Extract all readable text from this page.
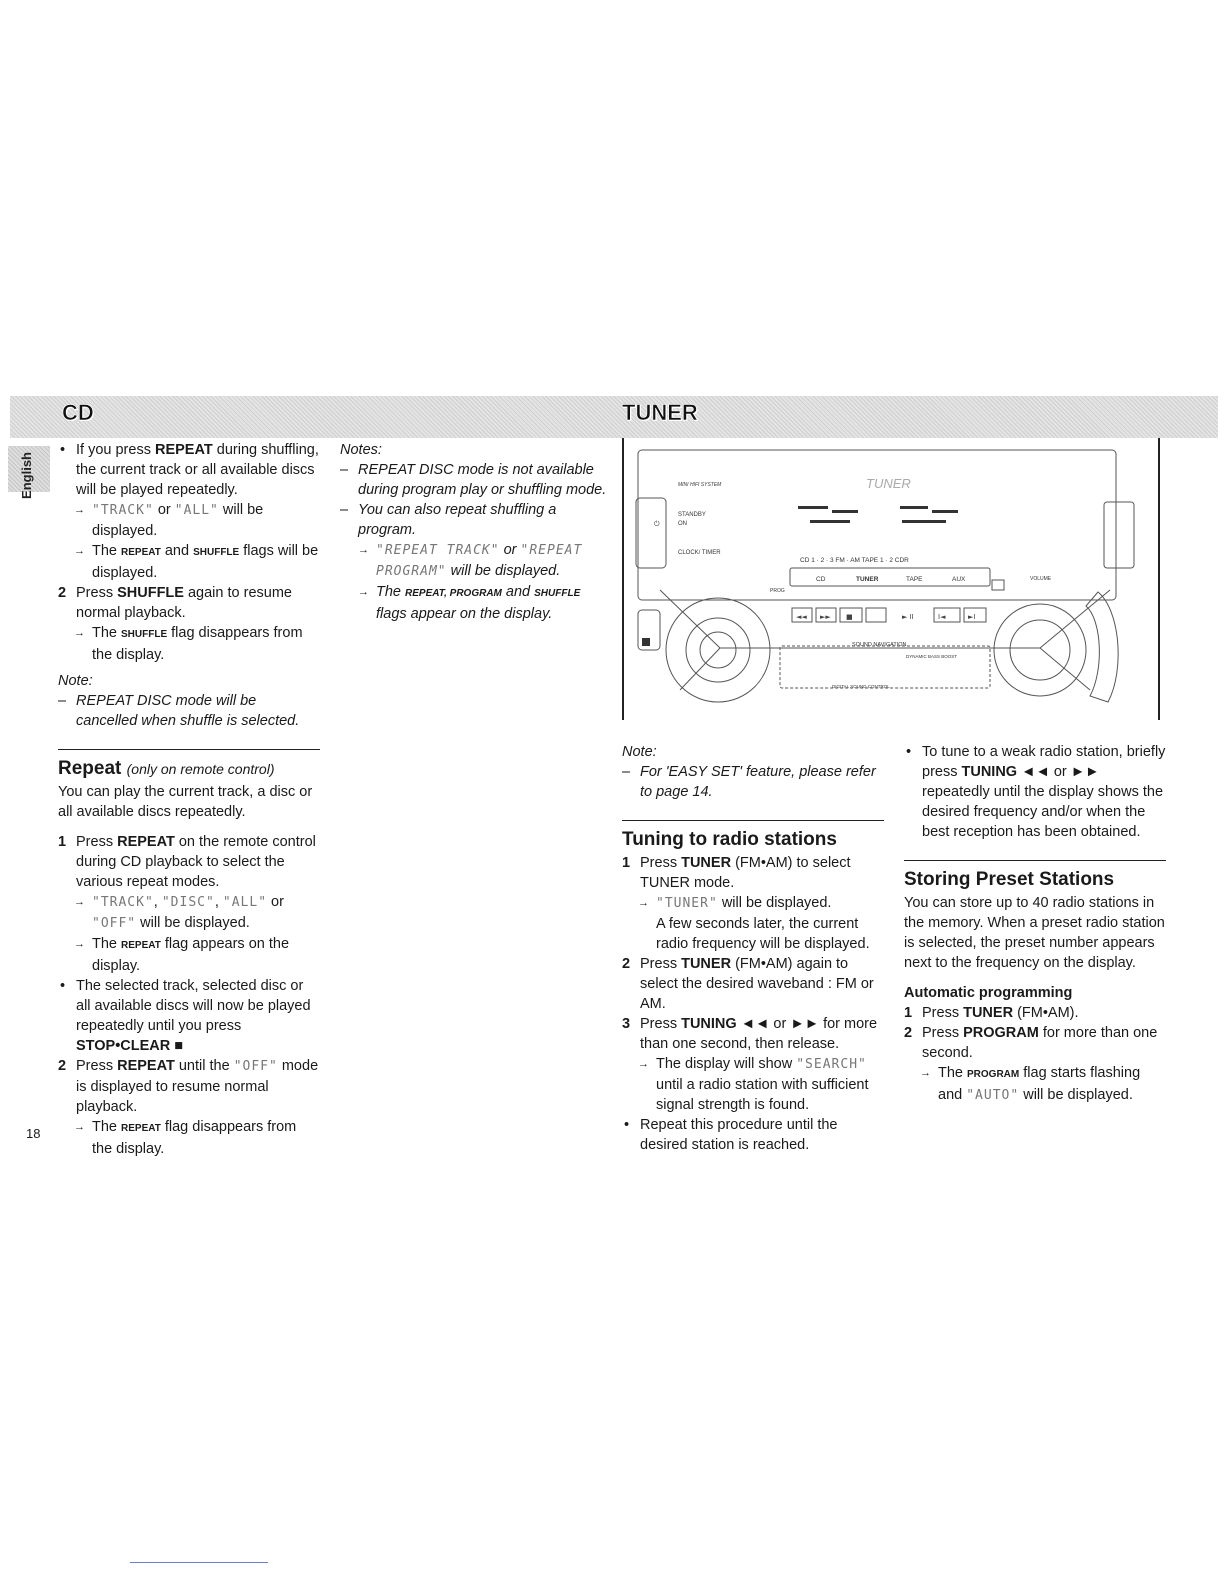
CD	TUNER
English

• If you press REPEAT during shuffling, the current track or all available discs will be played repeatedly.

→ "TRACK" or "ALL" will be displayed.

→ The REPEAT and SHUFFLE flags will be displayed.

2 Press SHUFFLE again to resume normal playback.

→ The SHUFFLE flag disappears from the display.

Note:

– REPEAT DISC mode will be cancelled when shuffle is selected.

Repeat (only on remote control)

You can play the current track, a disc or all available discs repeatedly.

1 Press REPEAT on the remote control during CD playback to select the various repeat modes.

→ "TRACK", "DISC", "ALL" or "OFF" will be displayed.

→ The REPEAT flag appears on the display.

• The selected track, selected disc or all available discs will now be played repeatedly until you press
STOP•CLEAR ■

2 Press REPEAT until the "OFF" mode is displayed to resume normal playback.

→ The REPEAT flag disappears from the display.

Notes:

– REPEAT DISC mode is not available during program play or shuffling mode.

– You can also repeat shuffling a program.

→ "REPEAT TRACK" or "REPEAT PROGRAM" will be displayed.

→ The REPEAT, PROGRAM and SHUFFLE flags appear on the display.

MINI HIFI SYSTEM	TUNER
STANDBY
ON
CLOCK/ TIMER
CD 1 · 2 · 3 FM · AM TAPE 1 · 2 CDR
CD	TUNER	TAPE	AUX
PROG
VOLUME
SOUND NAVIGATION
DYNAMIC BASS BOOST
DIGITAL SOUND CONTROL
⏻
◄◄ ►► ■	► II	I◄	►I

Note:

– For 'EASY SET' feature, please refer to page 14.

Tuning to radio stations

1 Press TUNER (FM•AM) to select TUNER mode.

→ "TUNER" will be displayed.

A few seconds later, the current radio frequency will be displayed.

2 Press TUNER (FM•AM) again to select the desired waveband : FM or AM.

3 Press TUNING ◄◄ or ►► for more than one second, then release.

→ The display will show "SEARCH" until a radio station with sufficient signal strength is found.

• Repeat this procedure until the desired station is reached.

• To tune to a weak radio station, briefly press TUNING ◄◄ or ►► repeatedly until the display shows the desired frequency and/or when the best reception has been obtained.

Storing Preset Stations

You can store up to 40 radio stations in the memory. When a preset radio station is selected, the preset number appears next to the frequency on the display.

Automatic programming

1 Press TUNER (FM•AM).

2 Press PROGRAM for more than one second.

→ The PROGRAM flag starts flashing and "AUTO" will be displayed.

18
